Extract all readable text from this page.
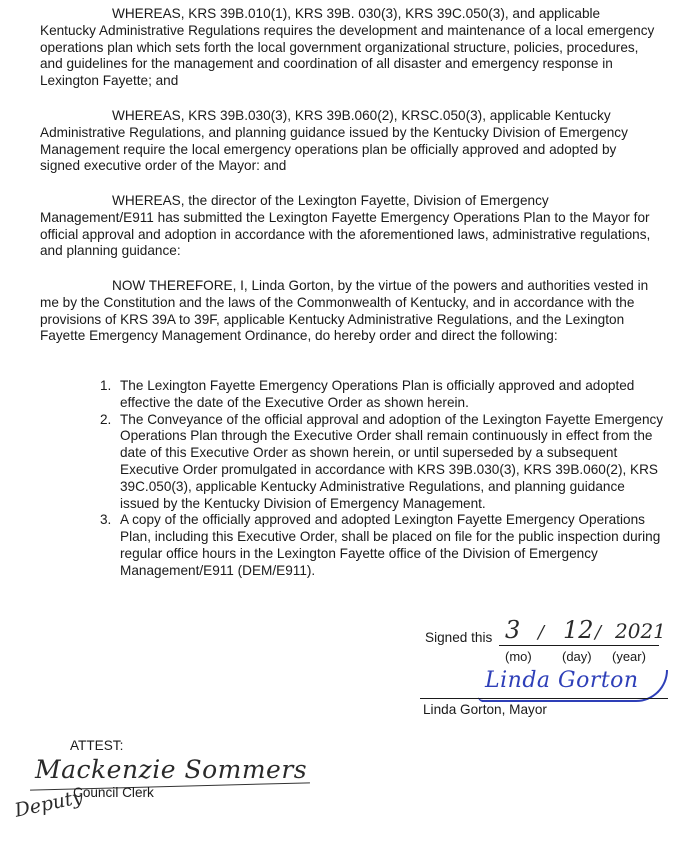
WHEREAS, KRS 39B.010(1), KRS 39B. 030(3), KRS 39C.050(3), and applicable Kentucky Administrative Regulations requires the development and maintenance of a local emergency operations plan which sets forth the local government organizational structure, policies, procedures, and guidelines for the management and coordination of all disaster and emergency response in Lexington Fayette; and

WHEREAS, KRS 39B.030(3), KRS 39B.060(2), KRSC.050(3), applicable Kentucky Administrative Regulations, and planning guidance issued by the Kentucky Division of Emergency Management require the local emergency operations plan be officially approved and adopted by signed executive order of the Mayor: and

WHEREAS, the director of the Lexington Fayette, Division of Emergency Management/E911 has submitted the Lexington Fayette Emergency Operations Plan to the Mayor for official approval and adoption in accordance with the aforementioned laws, administrative regulations, and planning guidance:

NOW THEREFORE, I, Linda Gorton, by the virtue of the powers and authorities vested in me by the Constitution and the laws of the Commonwealth of Kentucky, and in accordance with the provisions of KRS 39A to 39F, applicable Kentucky Administrative Regulations, and the Lexington Fayette Emergency Management Ordinance, do hereby order and direct the following:

1. The Lexington Fayette Emergency Operations Plan is officially approved and adopted effective the date of the Executive Order as shown herein.
2. The Conveyance of the official approval and adoption of the Lexington Fayette Emergency Operations Plan through the Executive Order shall remain continuously in effect from the date of this Executive Order as shown herein, or until superseded by a subsequent Executive Order promulgated in accordance with KRS 39B.030(3), KRS 39B.060(2), KRS 39C.050(3), applicable Kentucky Administrative Regulations, and planning guidance issued by the Kentucky Division of Emergency Management.
3. A copy of the officially approved and adopted Lexington Fayette Emergency Operations Plan, including this Executive Order, shall be placed on file for the public inspection during regular office hours in the Lexington Fayette office of the Division of Emergency Management/E911 (DEM/E911).
Signed this 3 / 12 / 2021
(mo) (day) (year)
Linda Gorton
Linda Gorton, Mayor
ATTEST:
Mackenzie Sommers
Council Clerk
Deputy
